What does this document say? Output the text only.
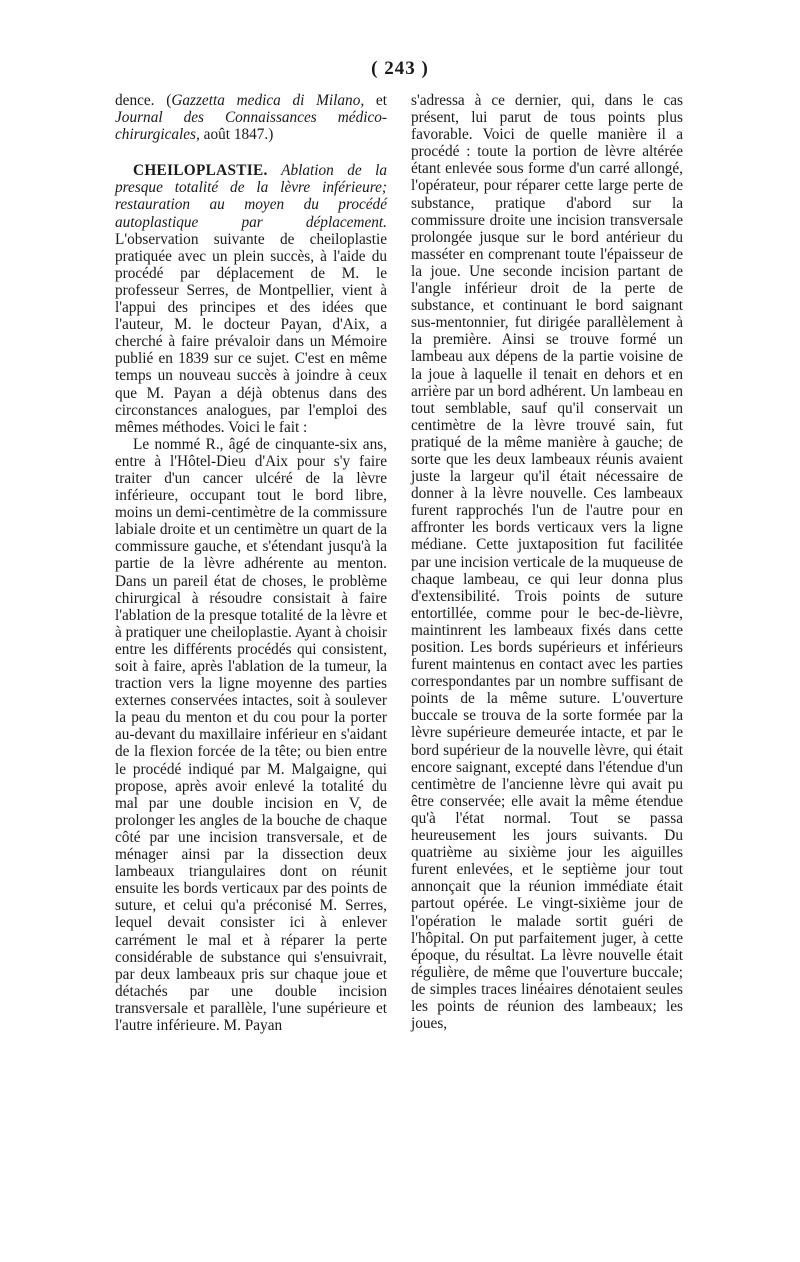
( 243 )

dence. (Gazzetta medica di Milano, et Journal des Connaissances médico-chirurgicales, août 1847.)

CHEILOPLASTIE. Ablation de la presque totalité de la lèvre inférieure; restauration au moyen du procédé autoplastique par déplacement. L'observation suivante de cheiloplastie pratiquée avec un plein succès, à l'aide du procédé par déplacement de M. le professeur Serres, de Montpellier, vient à l'appui des principes et des idées que l'auteur, M. le docteur Payan, d'Aix, a cherché à faire prévaloir dans un Mémoire publié en 1839 sur ce sujet. C'est en même temps un nouveau succès à joindre à ceux que M. Payan a déjà obtenus dans des circonstances analogues, par l'emploi des mêmes méthodes. Voici le fait :

Le nommé R., âgé de cinquante-six ans, entre à l'Hôtel-Dieu d'Aix pour s'y faire traiter d'un cancer ulcéré de la lèvre inférieure, occupant tout le bord libre, moins un demi-centimètre de la commissure labiale droite et un centimètre un quart de la commissure gauche, et s'étendant jusqu'à la partie de la lèvre adhérente au menton. Dans un pareil état de choses, le problème chirurgical à résoudre consistait à faire l'ablation de la presque totalité de la lèvre et à pratiquer une cheiloplastie. Ayant à choisir entre les différents procédés qui consistent, soit à faire, après l'ablation de la tumeur, la traction vers la ligne moyenne des parties externes conservées intactes, soit à soulever la peau du menton et du cou pour la porter au-devant du maxillaire inférieur en s'aidant de la flexion forcée de la tête; ou bien entre le procédé indiqué par M. Malgaigne, qui propose, après avoir enlevé la totalité du mal par une double incision en V, de prolonger les angles de la bouche de chaque côté par une incision transversale, et de ménager ainsi par la dissection deux lambeaux triangulaires dont on réunit ensuite les bords verticaux par des points de suture, et celui qu'a préconisé M. Serres, lequel devait consister ici à enlever carrément le mal et à réparer la perte considérable de substance qui s'ensuivrait, par deux lambeaux pris sur chaque joue et détachés par une double incision transversale et parallèle, l'une supérieure et l'autre inférieure. M. Payan

s'adressa à ce dernier, qui, dans le cas présent, lui parut de tous points plus favorable. Voici de quelle manière il a procédé : toute la portion de lèvre altérée étant enlevée sous forme d'un carré allongé, l'opérateur, pour réparer cette large perte de substance, pratique d'abord sur la commissure droite une incision transversale prolongée jusque sur le bord antérieur du masséter en comprenant toute l'épaisseur de la joue. Une seconde incision partant de l'angle inférieur droit de la perte de substance, et continuant le bord saignant sus-mentonnier, fut dirigée parallèlement à la première. Ainsi se trouve formé un lambeau aux dépens de la partie voisine de la joue à laquelle il tenait en dehors et en arrière par un bord adhérent. Un lambeau en tout semblable, sauf qu'il conservait un centimètre de la lèvre trouvé sain, fut pratiqué de la même manière à gauche; de sorte que les deux lambeaux réunis avaient juste la largeur qu'il était nécessaire de donner à la lèvre nouvelle. Ces lambeaux furent rapprochés l'un de l'autre pour en affronter les bords verticaux vers la ligne médiane. Cette juxtaposition fut facilitée par une incision verticale de la muqueuse de chaque lambeau, ce qui leur donna plus d'extensibilité. Trois points de suture entortillée, comme pour le bec-de-lièvre, maintinrent les lambeaux fixés dans cette position. Les bords supérieurs et inférieurs furent maintenus en contact avec les parties correspondantes par un nombre suffisant de points de la même suture. L'ouverture buccale se trouva de la sorte formée par la lèvre supérieure demeurée intacte, et par le bord supérieur de la nouvelle lèvre, qui était encore saignant, excepté dans l'étendue d'un centimètre de l'ancienne lèvre qui avait pu être conservée; elle avait la même étendue qu'à l'état normal. Tout se passa heureusement les jours suivants. Du quatrième au sixième jour les aiguilles furent enlevées, et le septième jour tout annonçait que la réunion immédiate était partout opérée. Le vingt-sixième jour de l'opération le malade sortit guéri de l'hôpital. On put parfaitement juger, à cette époque, du résultat. La lèvre nouvelle était régulière, de même que l'ouverture buccale; de simples traces linéaires dénotaient seules les points de réunion des lambeaux; les joues,
